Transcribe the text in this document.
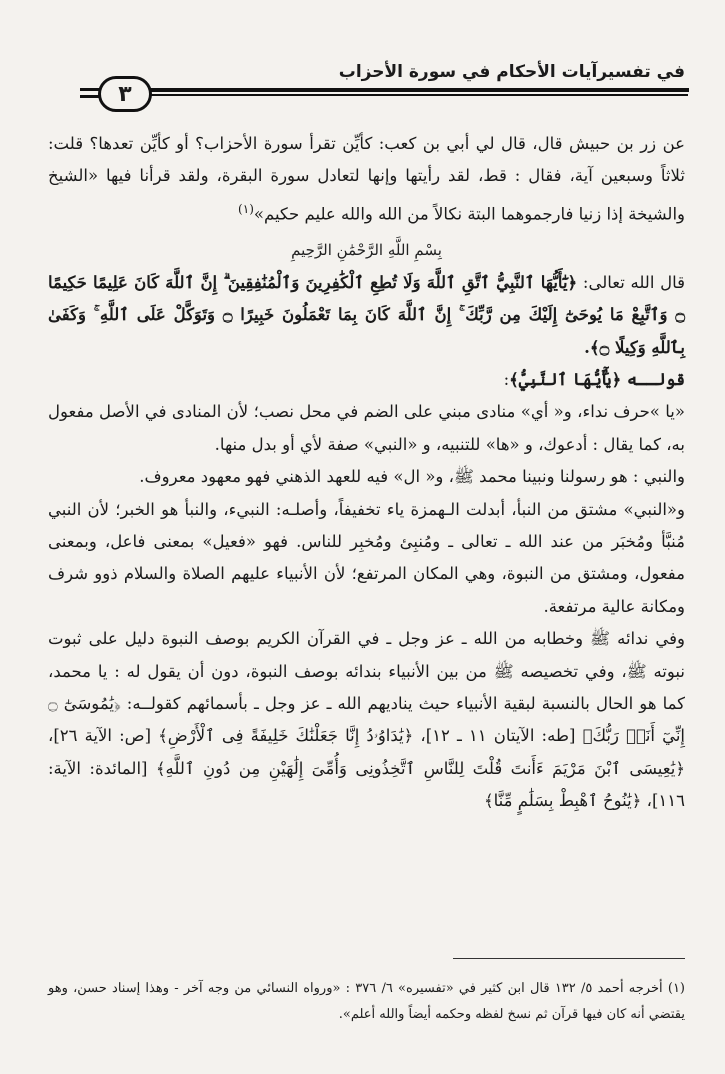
في تفسيرآيات الأحكام في سورة الأحزاب
٣

عن زر بن حبيش قال، قال لي أبي بن كعب: كأيِّن تقرأ سورة الأحزاب؟ أو كأيِّن تعدها؟ قلت: ثلاثاً وسبعين آية، فقال : قط، لقد رأيتها وإنها لتعادل سورة البقرة، ولقد قرأنا فيها «الشيخ والشيخة إذا زنيا فارجموهما البتة نكالاً من الله والله عليم حكيم»$^{(١)}$

بِسْمِ اللَّهِ الرَّحْمَٰنِ الرَّحِيمِ

قال الله تعالى: ﴿يَٰٓأَيُّهَا ٱلنَّبِيُّ ٱتَّقِ ٱللَّهَ وَلَا تُطِعِ ٱلْكَٰفِرِينَ وَٱلْمُنَٰفِقِينَ ۗ إِنَّ ٱللَّهَ كَانَ عَلِيمًا حَكِيمًا ۝ وَٱتَّبِعْ مَا يُوحَىٰٓ إِلَيْكَ مِن رَّبِّكَ ۚ إِنَّ ٱللَّهَ كَانَ بِمَا تَعْمَلُونَ خَبِيرًا ۝ وَتَوَكَّلْ عَلَى ٱللَّهِ ۚ وَكَفَىٰ بِٱللَّهِ وَكِيلًا ۝﴾.

قولــه ﴿يَٰٓأَيُّهَا ٱلنَّبِيُّ﴾:

«يا »حرف نداء، و« أي» منادى مبني على الضم في محل نصب؛ لأن المنادى في الأصل مفعول به، كما يقال : أدعوك، و «ها» للتنبيه، و «النبي» صفة لأي أو بدل منها.

والنبي : هو رسولنا ونبينا محمد ﷺ، و« ال» فيه للعهد الذهني فهو معهود معروف.

و«النبي» مشتق من النبأ، أبدلت الـهمزة ياء تخفيفاً، وأصلـه: النبيء، والنبأ هو الخبر؛ لأن النبي مُنبَّأ ومُخبَر من عند الله ـ تعالى ـ ومُنبِئ ومُخبِر للناس. فهو «فعيل» بمعنى فاعل، وبمعنى مفعول، ومشتق من النبوة، وهي المكان المرتفع؛ لأن الأنبياء عليهم الصلاة والسلام ذوو شرف ومكانة عالية مرتفعة.

وفي ندائه ﷺ وخطابه من الله ـ عز وجل ـ في القرآن الكريم بوصف النبوة دليل على ثبوت نبوته ﷺ، وفي تخصيصه ﷺ من بين الأنبياء بندائه بوصف النبوة، دون أن يقول له : يا محمد، كما هو الحال بالنسبة لبقية الأنبياء حيث يناديهم الله ـ عز وجل ـ بأسمائهم كقولــه: ﴿يَٰمُوسَىٰٓ ۝ إِنِّيٓ أَنَا۠ رَبُّكَ﴾ [طه: الآيتان ١١ ـ ١٢]، ﴿يَٰدَاوُۥدُ إِنَّا جَعَلْنَٰكَ خَلِيفَةً فِى ٱلْأَرْضِ﴾ [ص: الآية ٢٦]، ﴿يَٰعِيسَى ٱبْنَ مَرْيَمَ ءَأَنتَ قُلْتَ لِلنَّاسِ ٱتَّخِذُونِى وَأُمِّىَ إِلَٰهَيْنِ مِن دُونِ ٱللَّهِ﴾ [المائدة: الآية: ١١٦]، ﴿يَٰنُوحُ ٱهْبِطْ بِسَلَٰمٍ مِّنَّا﴾

(١) أخرجه أحمد ٥/ ١٣٢ قال ابن كثير في «تفسيره» ٦/ ٣٧٦ : «ورواه النسائي من وجه آخر - وهذا إسناد حسن، وهو يقتضي أنه كان فيها قرآن ثم نسخ لفظه وحكمه أيضاً والله أعلم».
